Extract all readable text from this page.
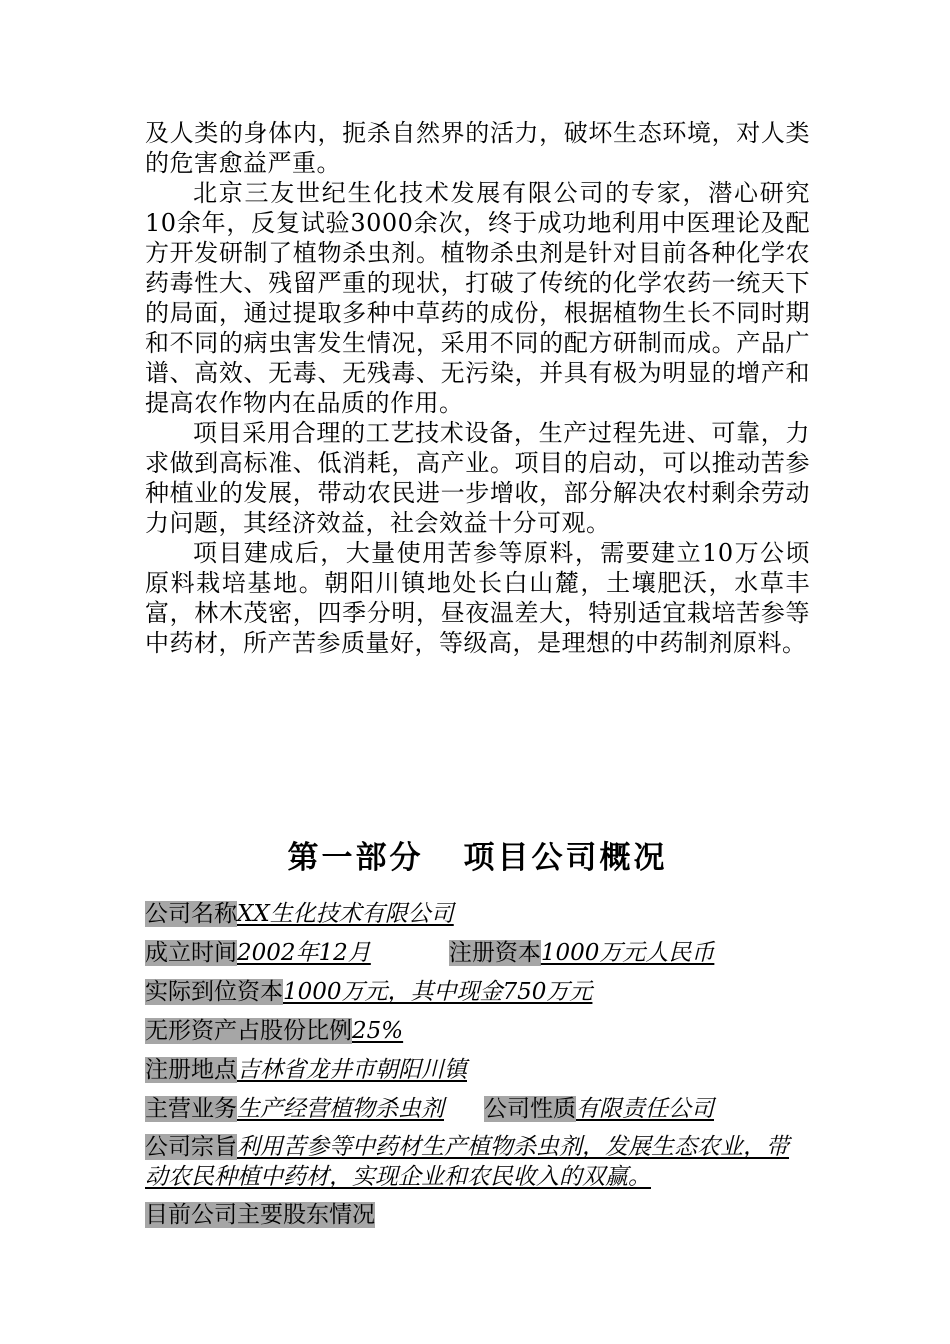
及人类的身体内，扼杀自然界的活力，破坏生态环境，对人类的危害愈益严重。

北京三友世纪生化技术发展有限公司的专家，潜心研究10余年，反复试验3000余次，终于成功地利用中医理论及配方开发研制了植物杀虫剂。植物杀虫剂是针对目前各种化学农药毒性大、残留严重的现状，打破了传统的化学农药一统天下的局面，通过提取多种中草药的成份，根据植物生长不同时期和不同的病虫害发生情况，采用不同的配方研制而成。产品广谱、高效、无毒、无残毒、无污染，并具有极为明显的增产和提高农作物内在品质的作用。

项目采用合理的工艺技术设备，生产过程先进、可靠，力求做到高标准、低消耗，高产业。项目的启动，可以推动苦参种植业的发展，带动农民进一步增收，部分解决农村剩余劳动力问题，其经济效益，社会效益十分可观。

项目建成后，大量使用苦参等原料，需要建立10万公顷原料栽培基地。朝阳川镇地处长白山麓，土壤肥沃，水草丰富，林木茂密，四季分明，昼夜温差大，特别适宜栽培苦参等中药材，所产苦参质量好，等级高，是理想的中药制剂原料。

第一部分 项目公司概况
公司名称XX生化技术有限公司
成立时间2002年12月	注册资本1000万元人民币
实际到位资本1000万元，其中现金750万元
无形资产占股份比例25%
注册地点吉林省龙井市朝阳川镇
主营业务生产经营植物杀虫剂 公司性质有限责任公司
公司宗旨利用苦参等中药材生产植物杀虫剂，发展生态农业，带动农民种植中药材，实现企业和农民收入的双赢。
目前公司主要股东情况
